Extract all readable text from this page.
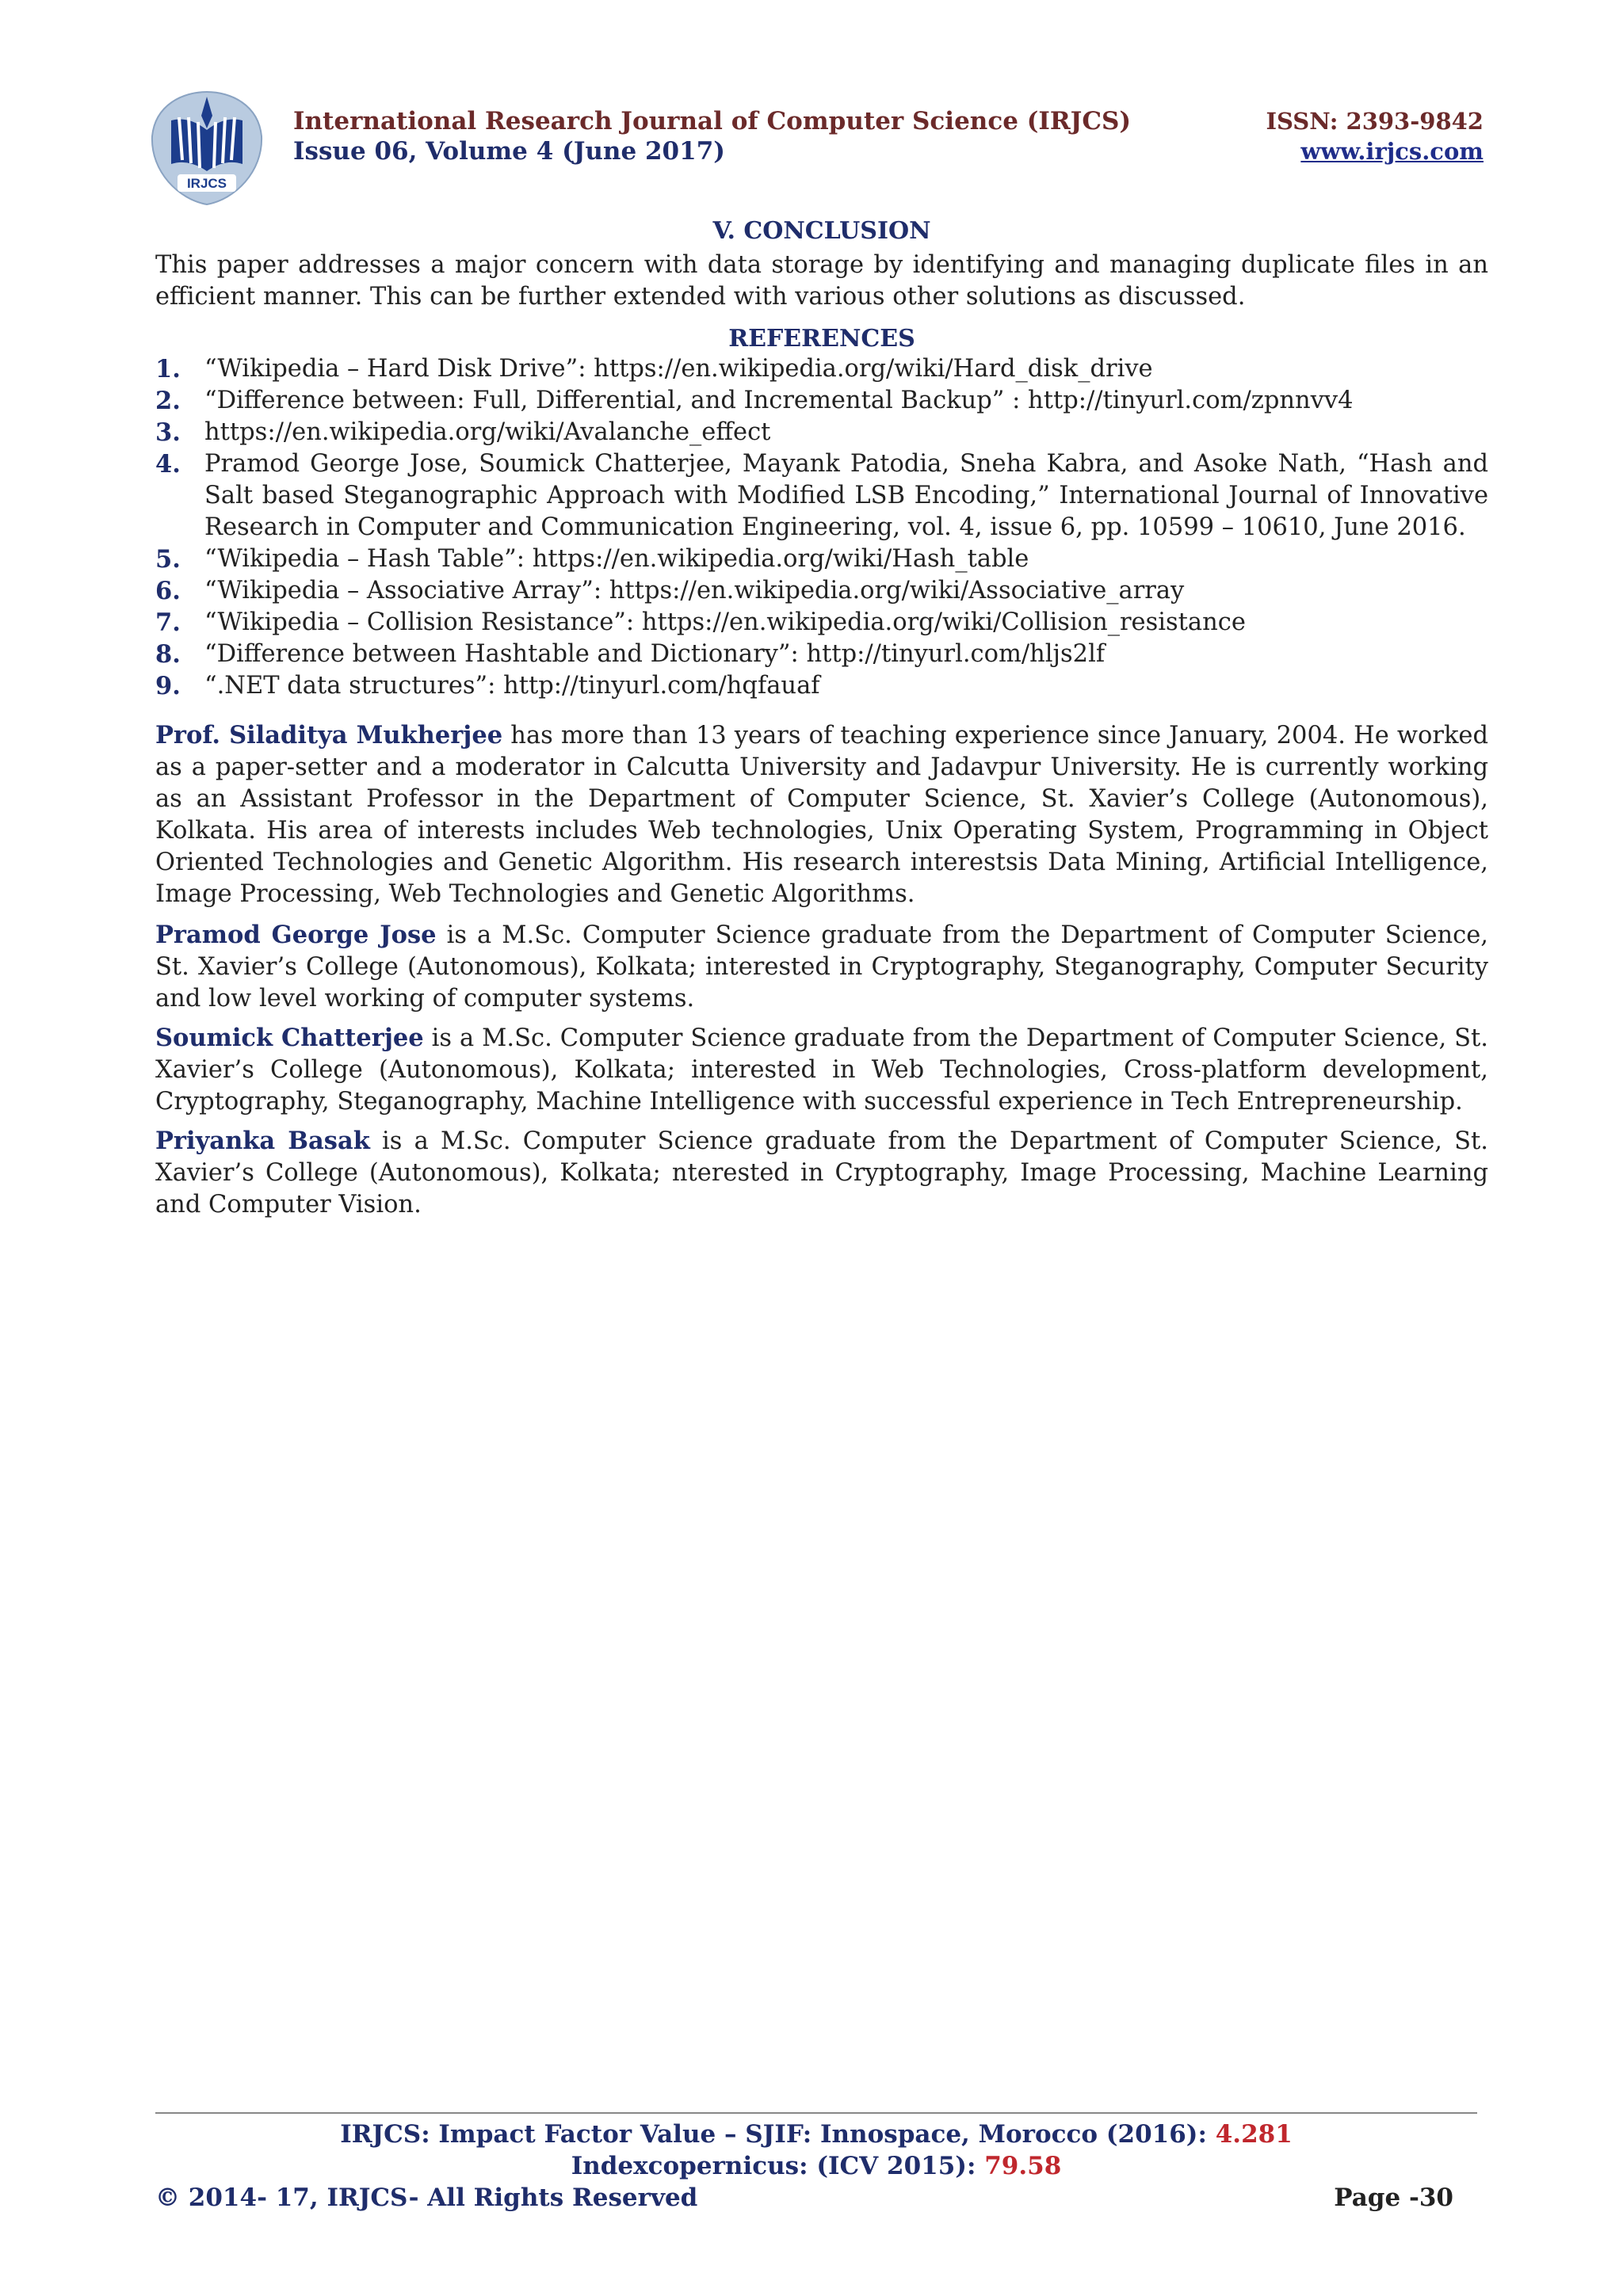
IRJCS
International Research Journal of Computer Science (IRJCS)
Issue 06, Volume 4 (June 2017)
ISSN: 2393-9842
www.irjcs.com
V. CONCLUSION
This paper addresses a major concern with data storage by identifying and managing duplicate files in an efficient manner. This can be further extended with various other solutions as discussed.
REFERENCES
1. “Wikipedia – Hard Disk Drive”: https://en.wikipedia.org/wiki/Hard_disk_drive
2. “Difference between: Full, Differential, and Incremental Backup” : http://tinyurl.com/zpnnvv4
3. https://en.wikipedia.org/wiki/Avalanche_effect
4. Pramod George Jose, Soumick Chatterjee, Mayank Patodia, Sneha Kabra, and Asoke Nath, “Hash and Salt based Steganographic Approach with Modified LSB Encoding,” International Journal of Innovative Research in Computer and Communication Engineering, vol. 4, issue 6, pp. 10599 – 10610, June 2016.
5. “Wikipedia – Hash Table”: https://en.wikipedia.org/wiki/Hash_table
6. “Wikipedia – Associative Array”: https://en.wikipedia.org/wiki/Associative_array
7. “Wikipedia – Collision Resistance”: https://en.wikipedia.org/wiki/Collision_resistance
8. “Difference between Hashtable and Dictionary”: http://tinyurl.com/hljs2lf
9. “.NET data structures”: http://tinyurl.com/hqfauaf
Prof. Siladitya Mukherjee has more than 13 years of teaching experience since January, 2004. He worked as a paper-setter and a moderator in Calcutta University and Jadavpur University. He is currently working as an Assistant Professor in the Department of Computer Science, St. Xavier’s College (Autonomous), Kolkata. His area of interests includes Web technologies, Unix Operating System, Programming in Object Oriented Technologies and Genetic Algorithm. His research interestsis Data Mining, Artificial Intelligence, Image Processing, Web Technologies and Genetic Algorithms.
Pramod George Jose is a M.Sc. Computer Science graduate from the Department of Computer Science, St. Xavier’s College (Autonomous), Kolkata; interested in Cryptography, Steganography, Computer Security and low level working of computer systems.
Soumick Chatterjee is a M.Sc. Computer Science graduate from the Department of Computer Science, St. Xavier’s College (Autonomous), Kolkata; interested in Web Technologies, Cross-platform development, Cryptography, Steganography, Machine Intelligence with successful experience in Tech Entrepreneurship.
Priyanka Basak is a M.Sc. Computer Science graduate from the Department of Computer Science, St. Xavier’s College (Autonomous), Kolkata; nterested in Cryptography, Image Processing, Machine Learning and Computer Vision.
IRJCS: Impact Factor Value – SJIF: Innospace, Morocco (2016): 4.281
Indexcopernicus: (ICV 2015): 79.58
© 2014- 17, IRJCS- All Rights Reserved	Page -30
